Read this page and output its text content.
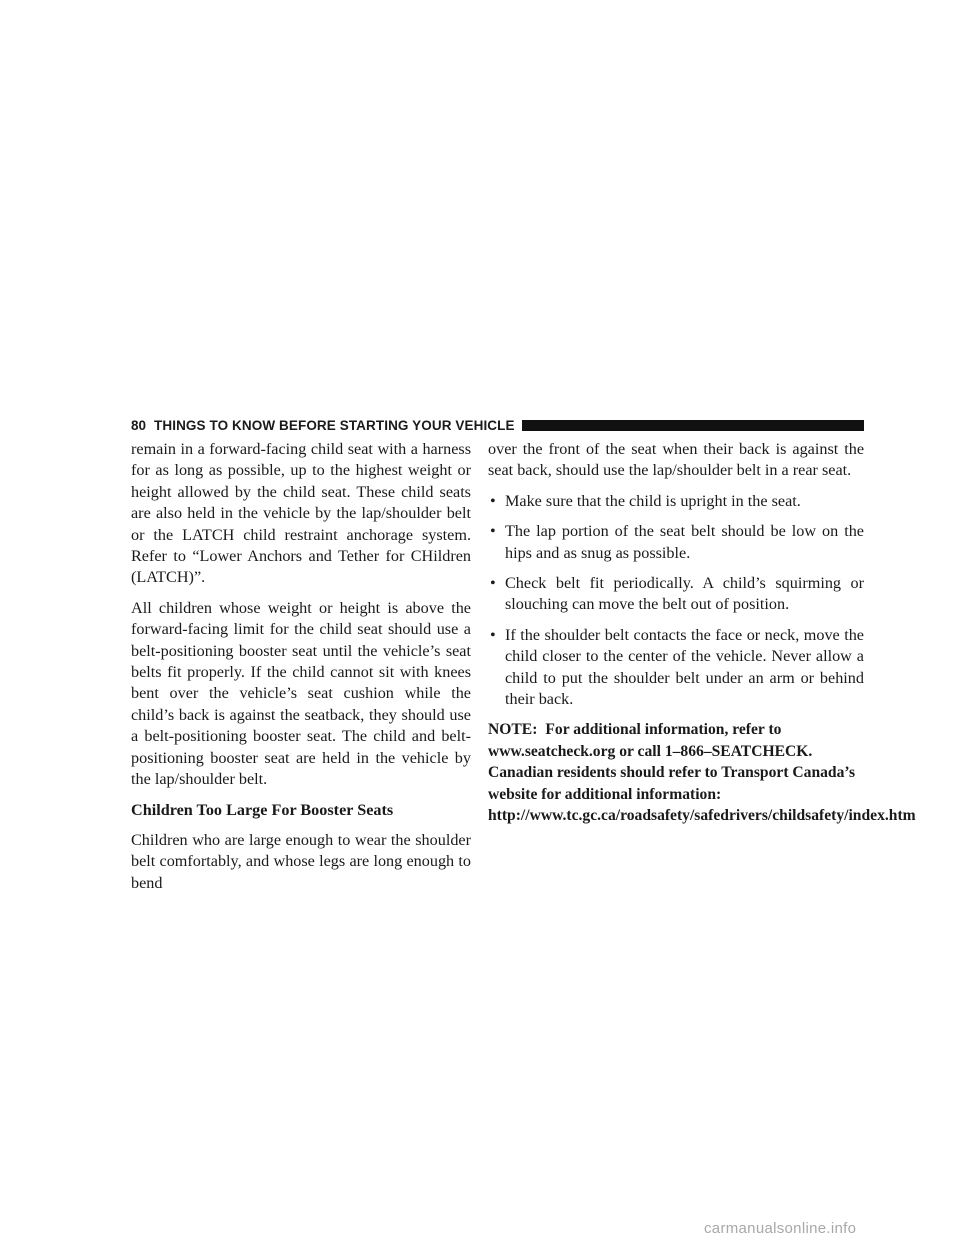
80 THINGS TO KNOW BEFORE STARTING YOUR VEHICLE

remain in a forward-facing child seat with a harness for as long as possible, up to the highest weight or height allowed by the child seat. These child seats are also held in the vehicle by the lap/shoulder belt or the LATCH child restraint anchorage system. Refer to “Lower Anchors and Tether for CHildren (LATCH)”.

All children whose weight or height is above the forward-facing limit for the child seat should use a belt-positioning booster seat until the vehicle’s seat belts fit properly. If the child cannot sit with knees bent over the vehicle’s seat cushion while the child’s back is against the seatback, they should use a belt-positioning booster seat. The child and belt-positioning booster seat are held in the vehicle by the lap/shoulder belt.

Children Too Large For Booster Seats

Children who are large enough to wear the shoulder belt comfortably, and whose legs are long enough to bend

over the front of the seat when their back is against the seat back, should use the lap/shoulder belt in a rear seat.

• Make sure that the child is upright in the seat.
• The lap portion of the seat belt should be low on the hips and as snug as possible.
• Check belt fit periodically. A child’s squirming or slouching can move the belt out of position.
• If the shoulder belt contacts the face or neck, move the child closer to the center of the vehicle. Never allow a child to put the shoulder belt under an arm or behind their back.

NOTE: For additional information, refer to www.seatcheck.org or call 1–866–SEATCHECK. Canadian residents should refer to Transport Canada’s website for additional information: http://www.tc.gc.ca/roadsafety/safedrivers/childsafety/index.htm

carmanualsonline.info
